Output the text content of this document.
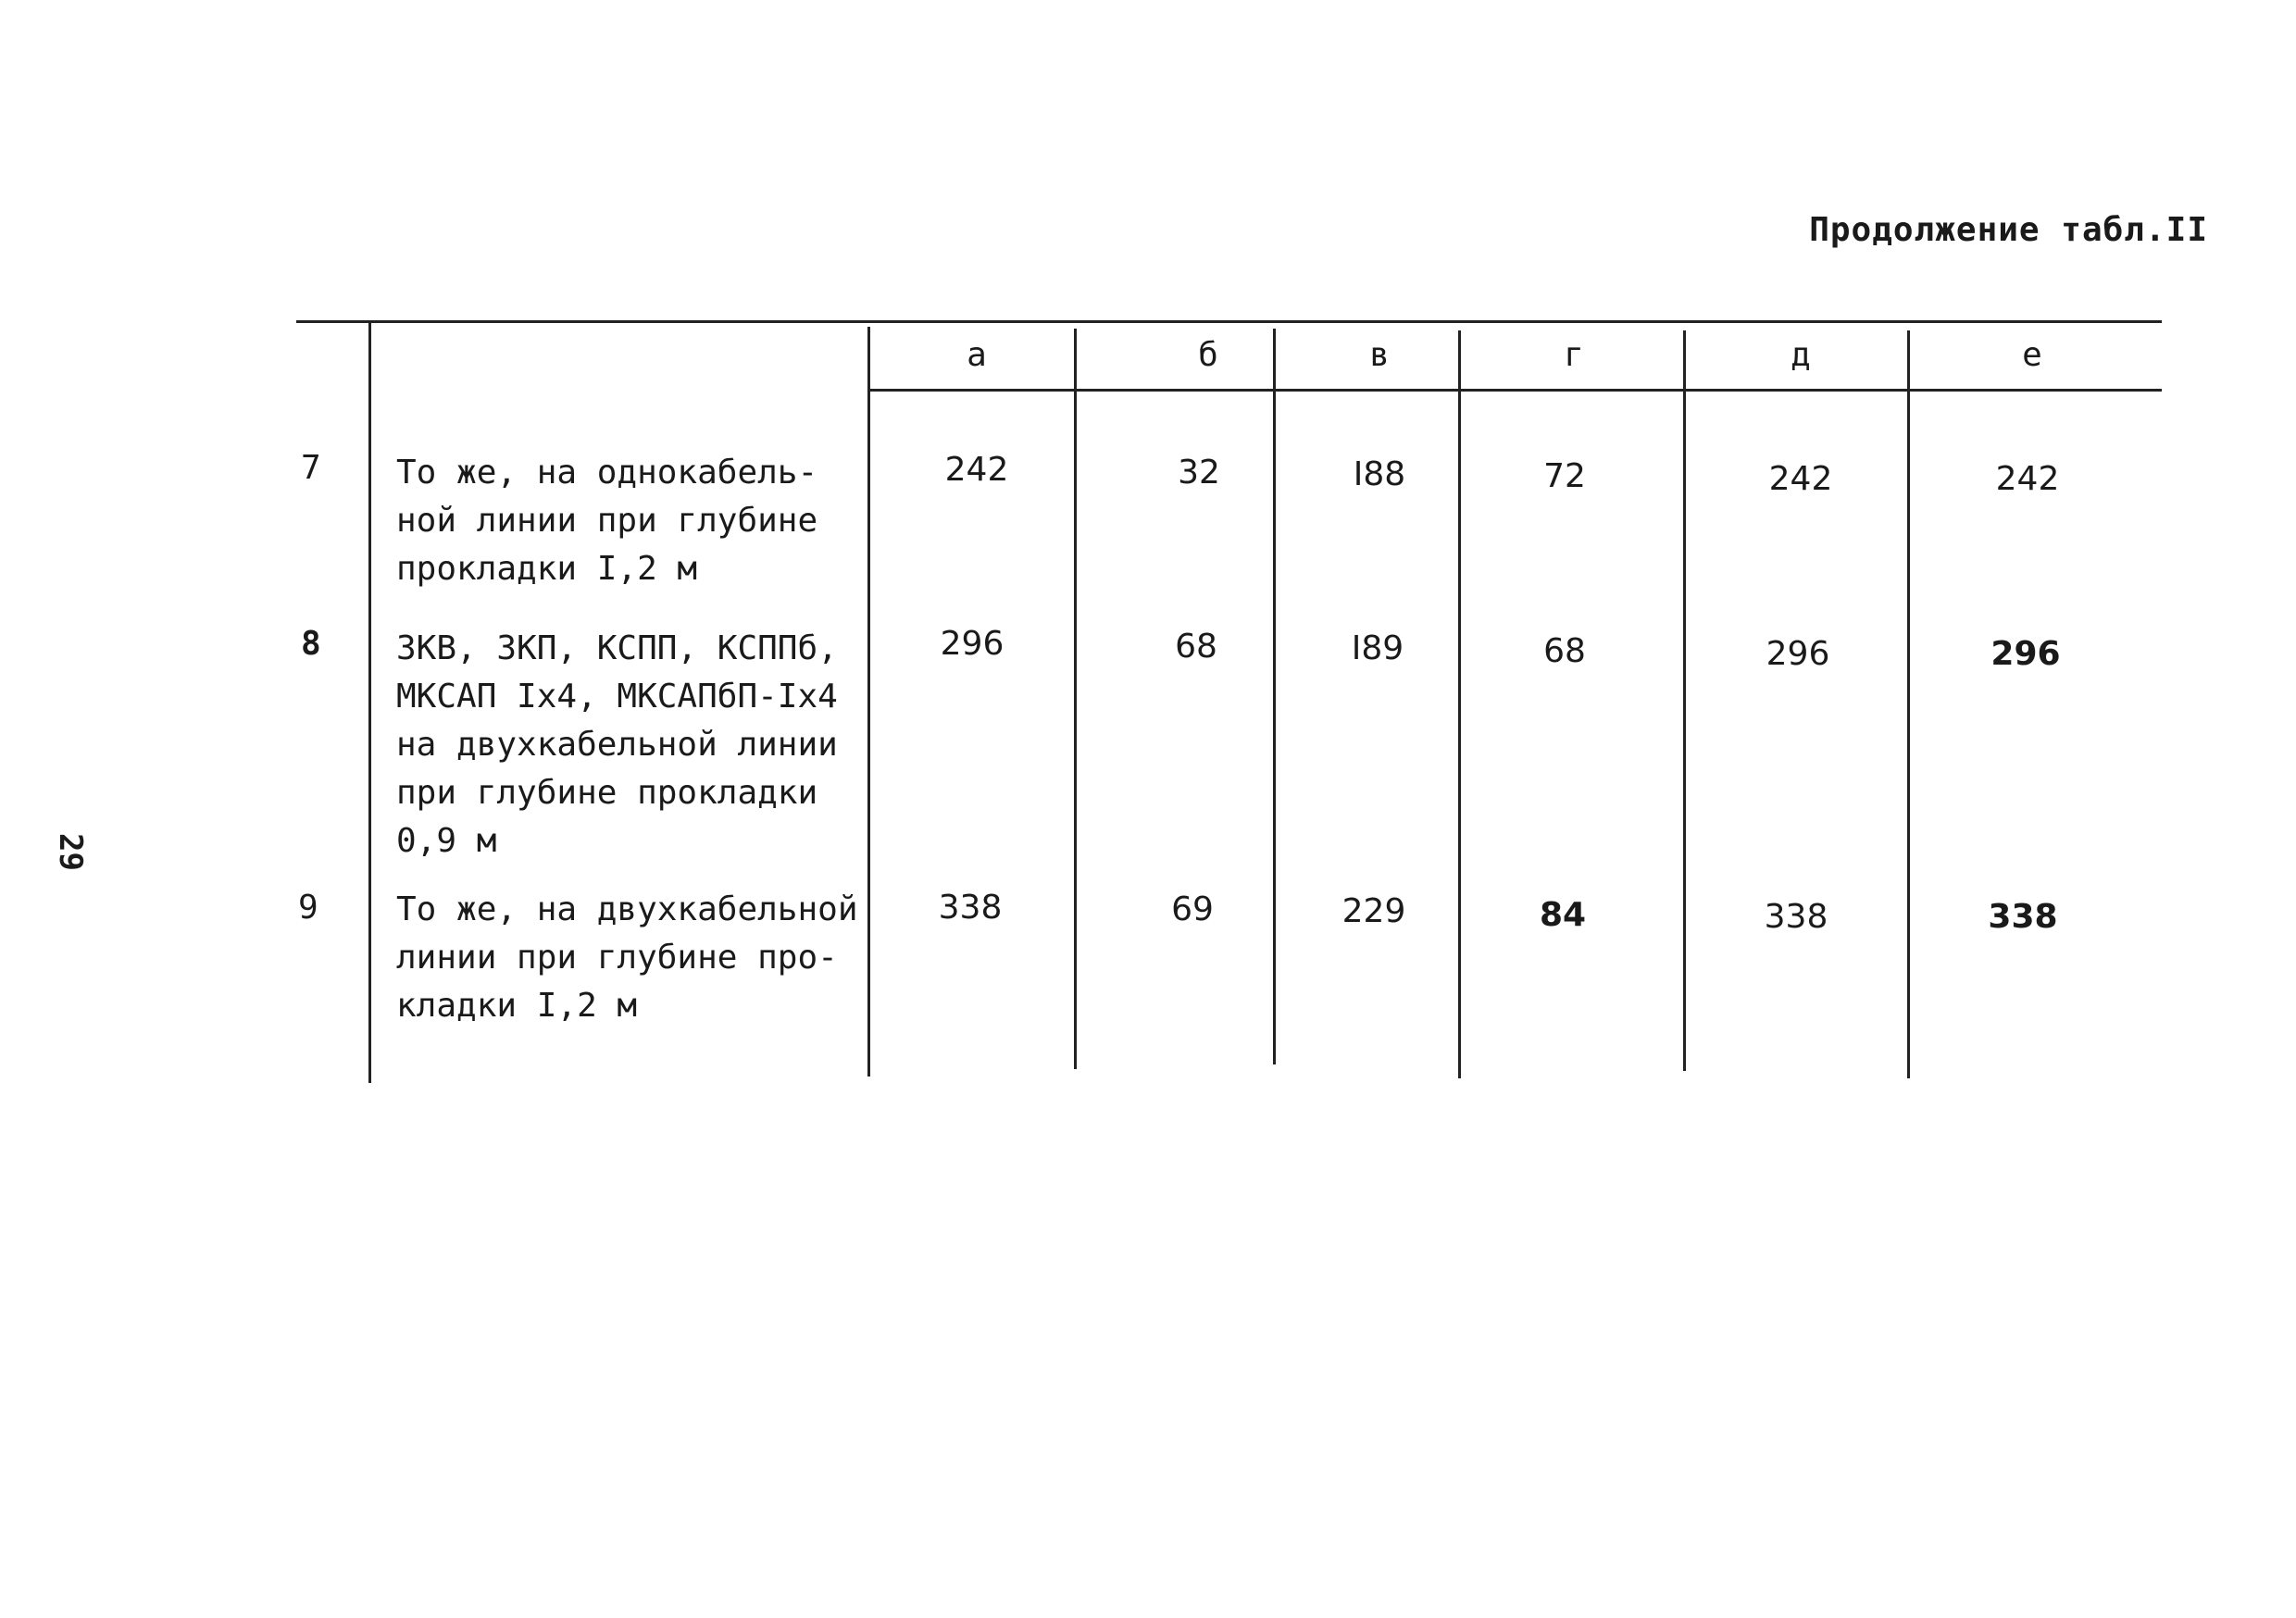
Продолжение табл.II
29
а	б	в	г	д	е
7 То же, на однокабель-
ной линии при глубине
прокладки I,2 м
242	32	I88	72	242	242
8 ЗКВ, ЗКП, КСПП, КСППб,
МКСАП Iх4, МКСАПбП-Iх4
на двухкабельной линии
при глубине прокладки
0,9 м
296	68	I89	68	296	296
9 То же, на двухкабельной
линии при глубине про-
кладки I,2 м
338	69	229	84	338	338
